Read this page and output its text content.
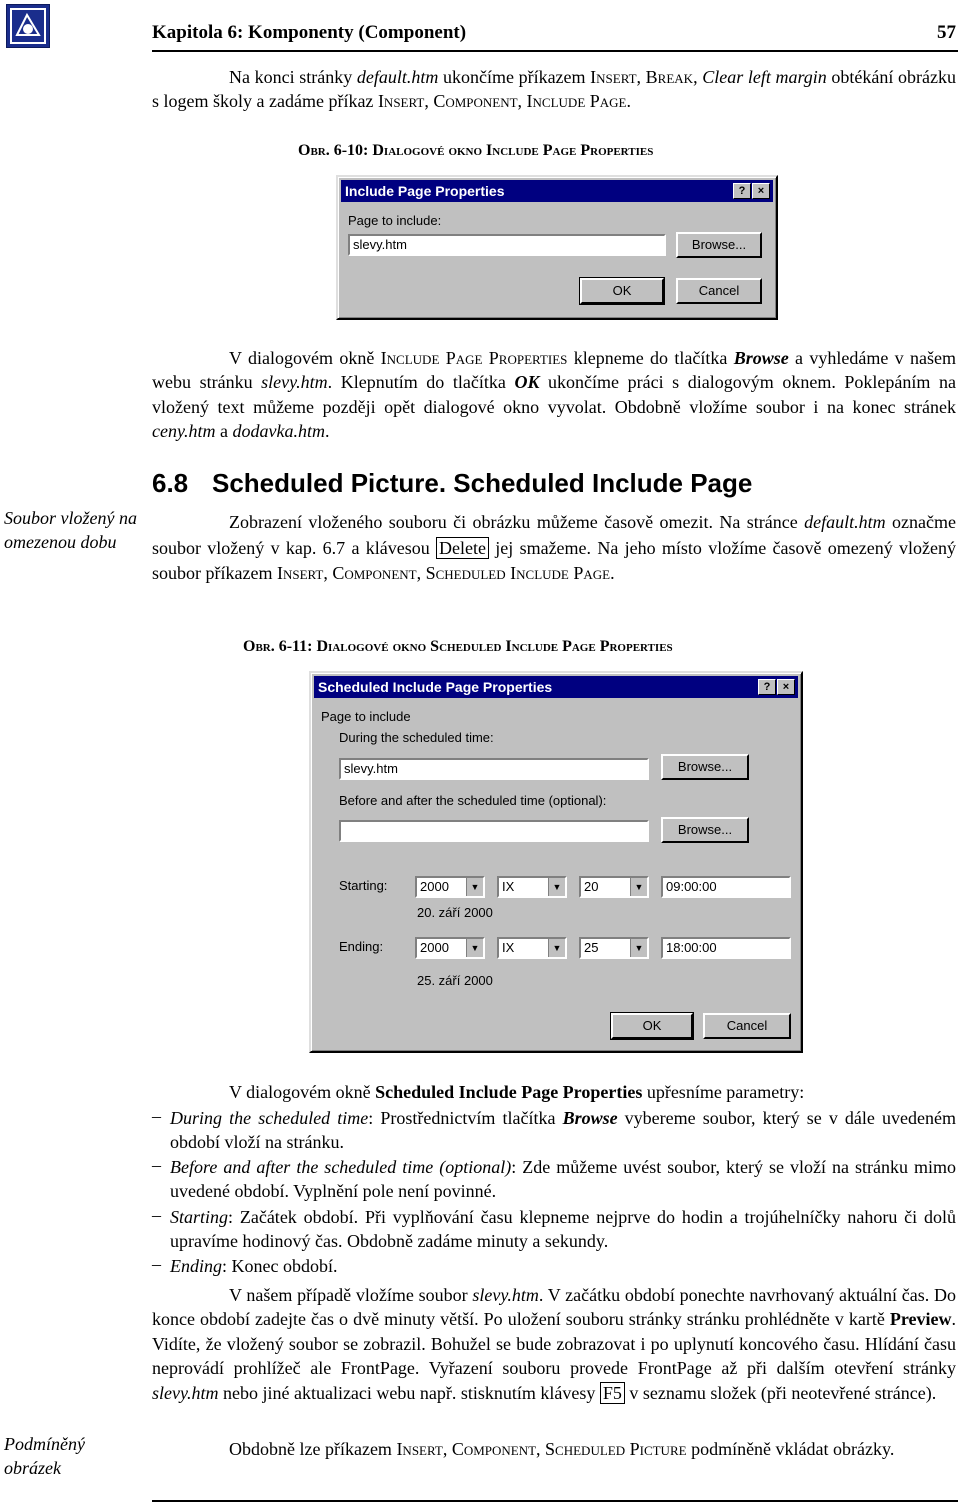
Kapitola 6: Komponenty (Component)	57
Na konci stránky default.htm ukončíme příkazem Insert, Break, Clear left margin obtékání obrázku s logem školy a zadáme příkaz Insert, Component, Include Page.
Obr. 6-10: Dialogové okno Include Page Properties
Include Page Properties	?	×
Page to include:
slevy.htm	Browse...
OK	Cancel
V dialogovém okně Include Page Properties klepneme do tlačítka Browse a vyhledáme v našem webu stránku slevy.htm. Klepnutím do tlačítka OK ukončíme práci s dialogovým oknem. Poklepáním na vložený text můžeme později opět dialogové okno vyvolat. Obdobně vložíme soubor i na konec stránek ceny.htm a dodavka.htm.
Soubor vložený na omezenou dobu
6.8 Scheduled Picture. Scheduled Include Page
Zobrazení vloženého souboru či obrázku můžeme časově omezit. Na stránce default.htm označme soubor vložený v kap. 6.7 a klávesou Delete jej smažeme. Na jeho místo vložíme časově omezený vložený soubor příkazem Insert, Component, Scheduled Include Page.
Obr. 6-11: Dialogové okno Scheduled Include Page Properties
Scheduled Include Page Properties	?	×
Page to include
During the scheduled time:
slevy.htm	Browse...
Before and after the scheduled time (optional):
Browse...
Starting:	2000	▼	IX	▼	20	▼	09:00:00
20. září 2000
Ending:	2000	▼	IX	▼	25	▼	18:00:00
25. září 2000
OK	Cancel
V dialogovém okně Scheduled Include Page Properties upřesníme parametry:
– During the scheduled time: Prostřednictvím tlačítka Browse vybereme soubor, který se v dále uvedeném období vloží na stránku.
– Before and after the scheduled time (optional): Zde můžeme uvést soubor, který se vloží na stránku mimo uvedené období. Vyplnění pole není povinné.
– Starting: Začátek období. Při vyplňování času klepneme nejprve do hodin a trojúhelníčky nahoru či dolů upravíme hodinový čas. Obdobně zadáme minuty a sekundy.
– Ending: Konec období.
V našem případě vložíme soubor slevy.htm. V začátku období ponechte navrhovaný aktuální čas. Do konce období zadejte čas o dvě minuty větší. Po uložení souboru stránky stránku prohlédněte v kartě Preview. Vidíte, že vložený soubor se zobrazil. Bohužel se bude zobrazovat i po uplynutí koncového času. Hlídání času neprovádí prohlížeč ale FrontPage. Vyřazení souboru provede FrontPage až při dalším otevření stránky slevy.htm nebo jiné aktualizaci webu např. stisknutím klávesy F5 v seznamu složek (při neotevřené stránce).
Obdobně lze příkazem Insert, Component, Scheduled Picture podmíněně vkládat obrázky.
Podmíněný obrázek
